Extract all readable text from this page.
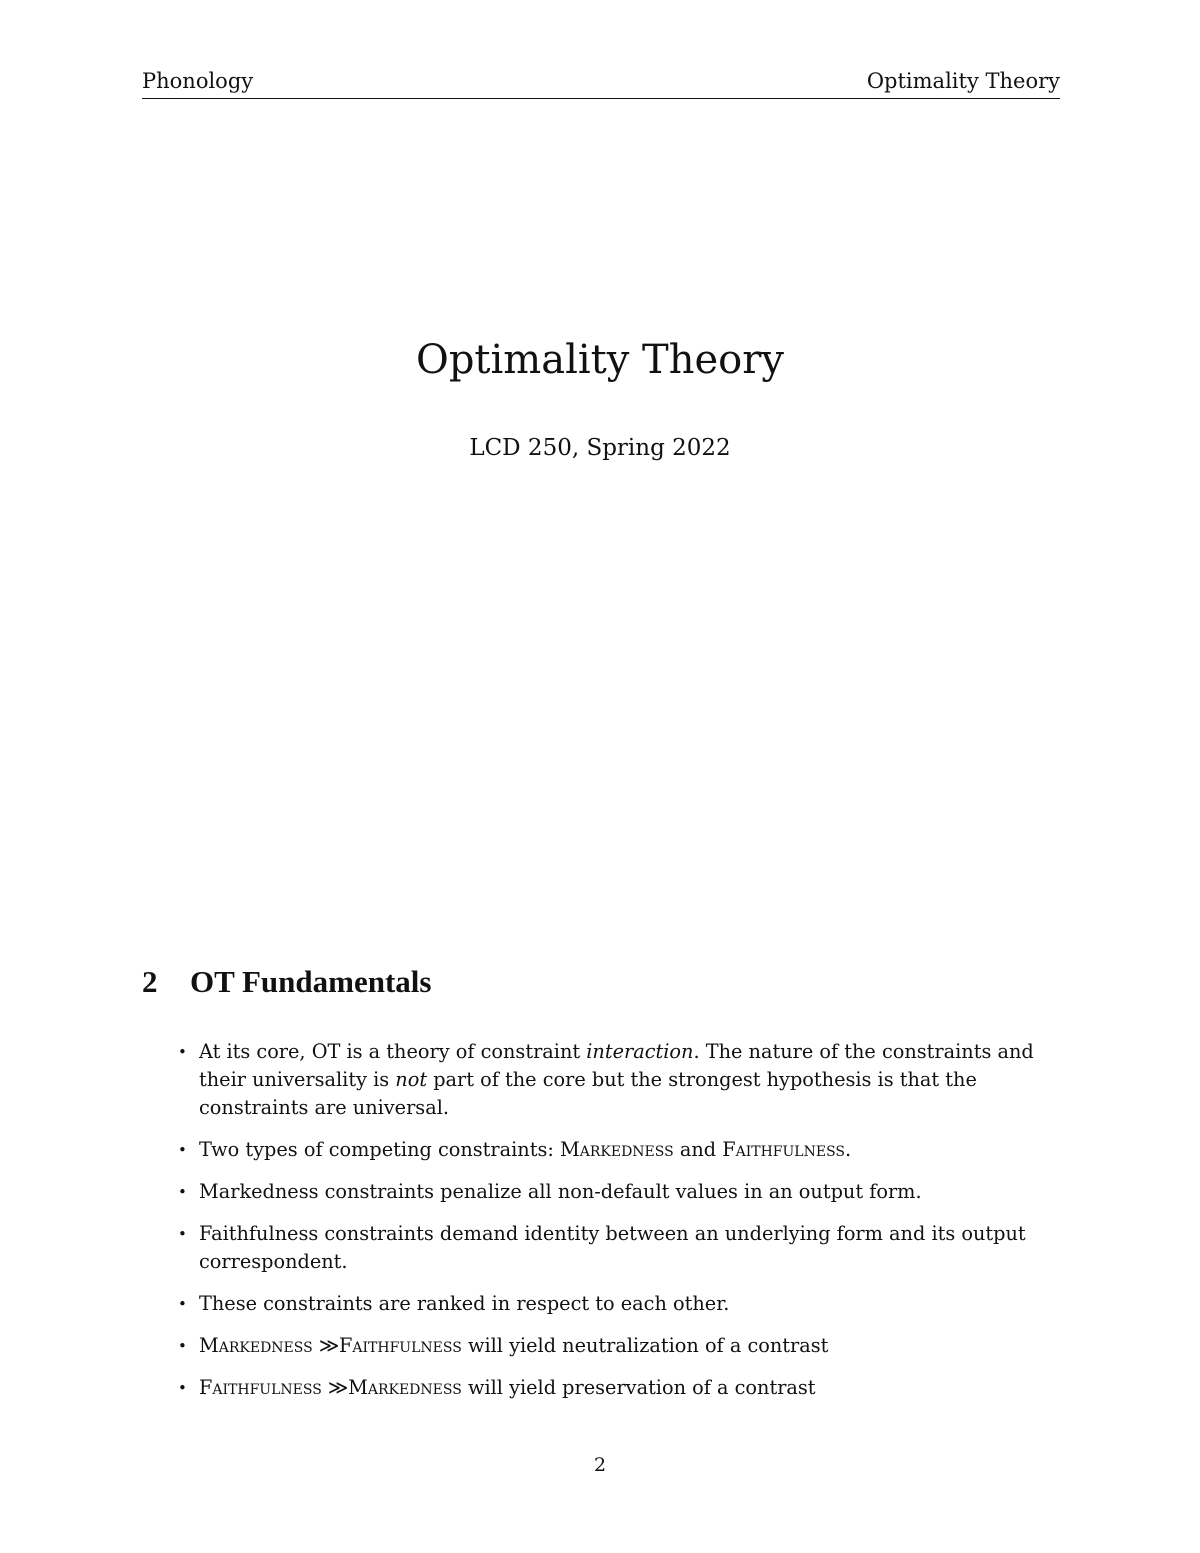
Phonology	Optimality Theory
Optimality Theory
LCD 250, Spring 2022
2 OT Fundamentals
• At its core, OT is a theory of constraint interaction. The nature of the constraints and their universality is not part of the core but the strongest hypothesis is that the constraints are universal.
• Two types of competing constraints: Markedness and Faithfulness.
• Markedness constraints penalize all non-default values in an output form.
• Faithfulness constraints demand identity between an underlying form and its output correspondent.
• These constraints are ranked in respect to each other.
• Markedness ≫Faithfulness will yield neutralization of a contrast
• Faithfulness ≫Markedness will yield preservation of a contrast
2
